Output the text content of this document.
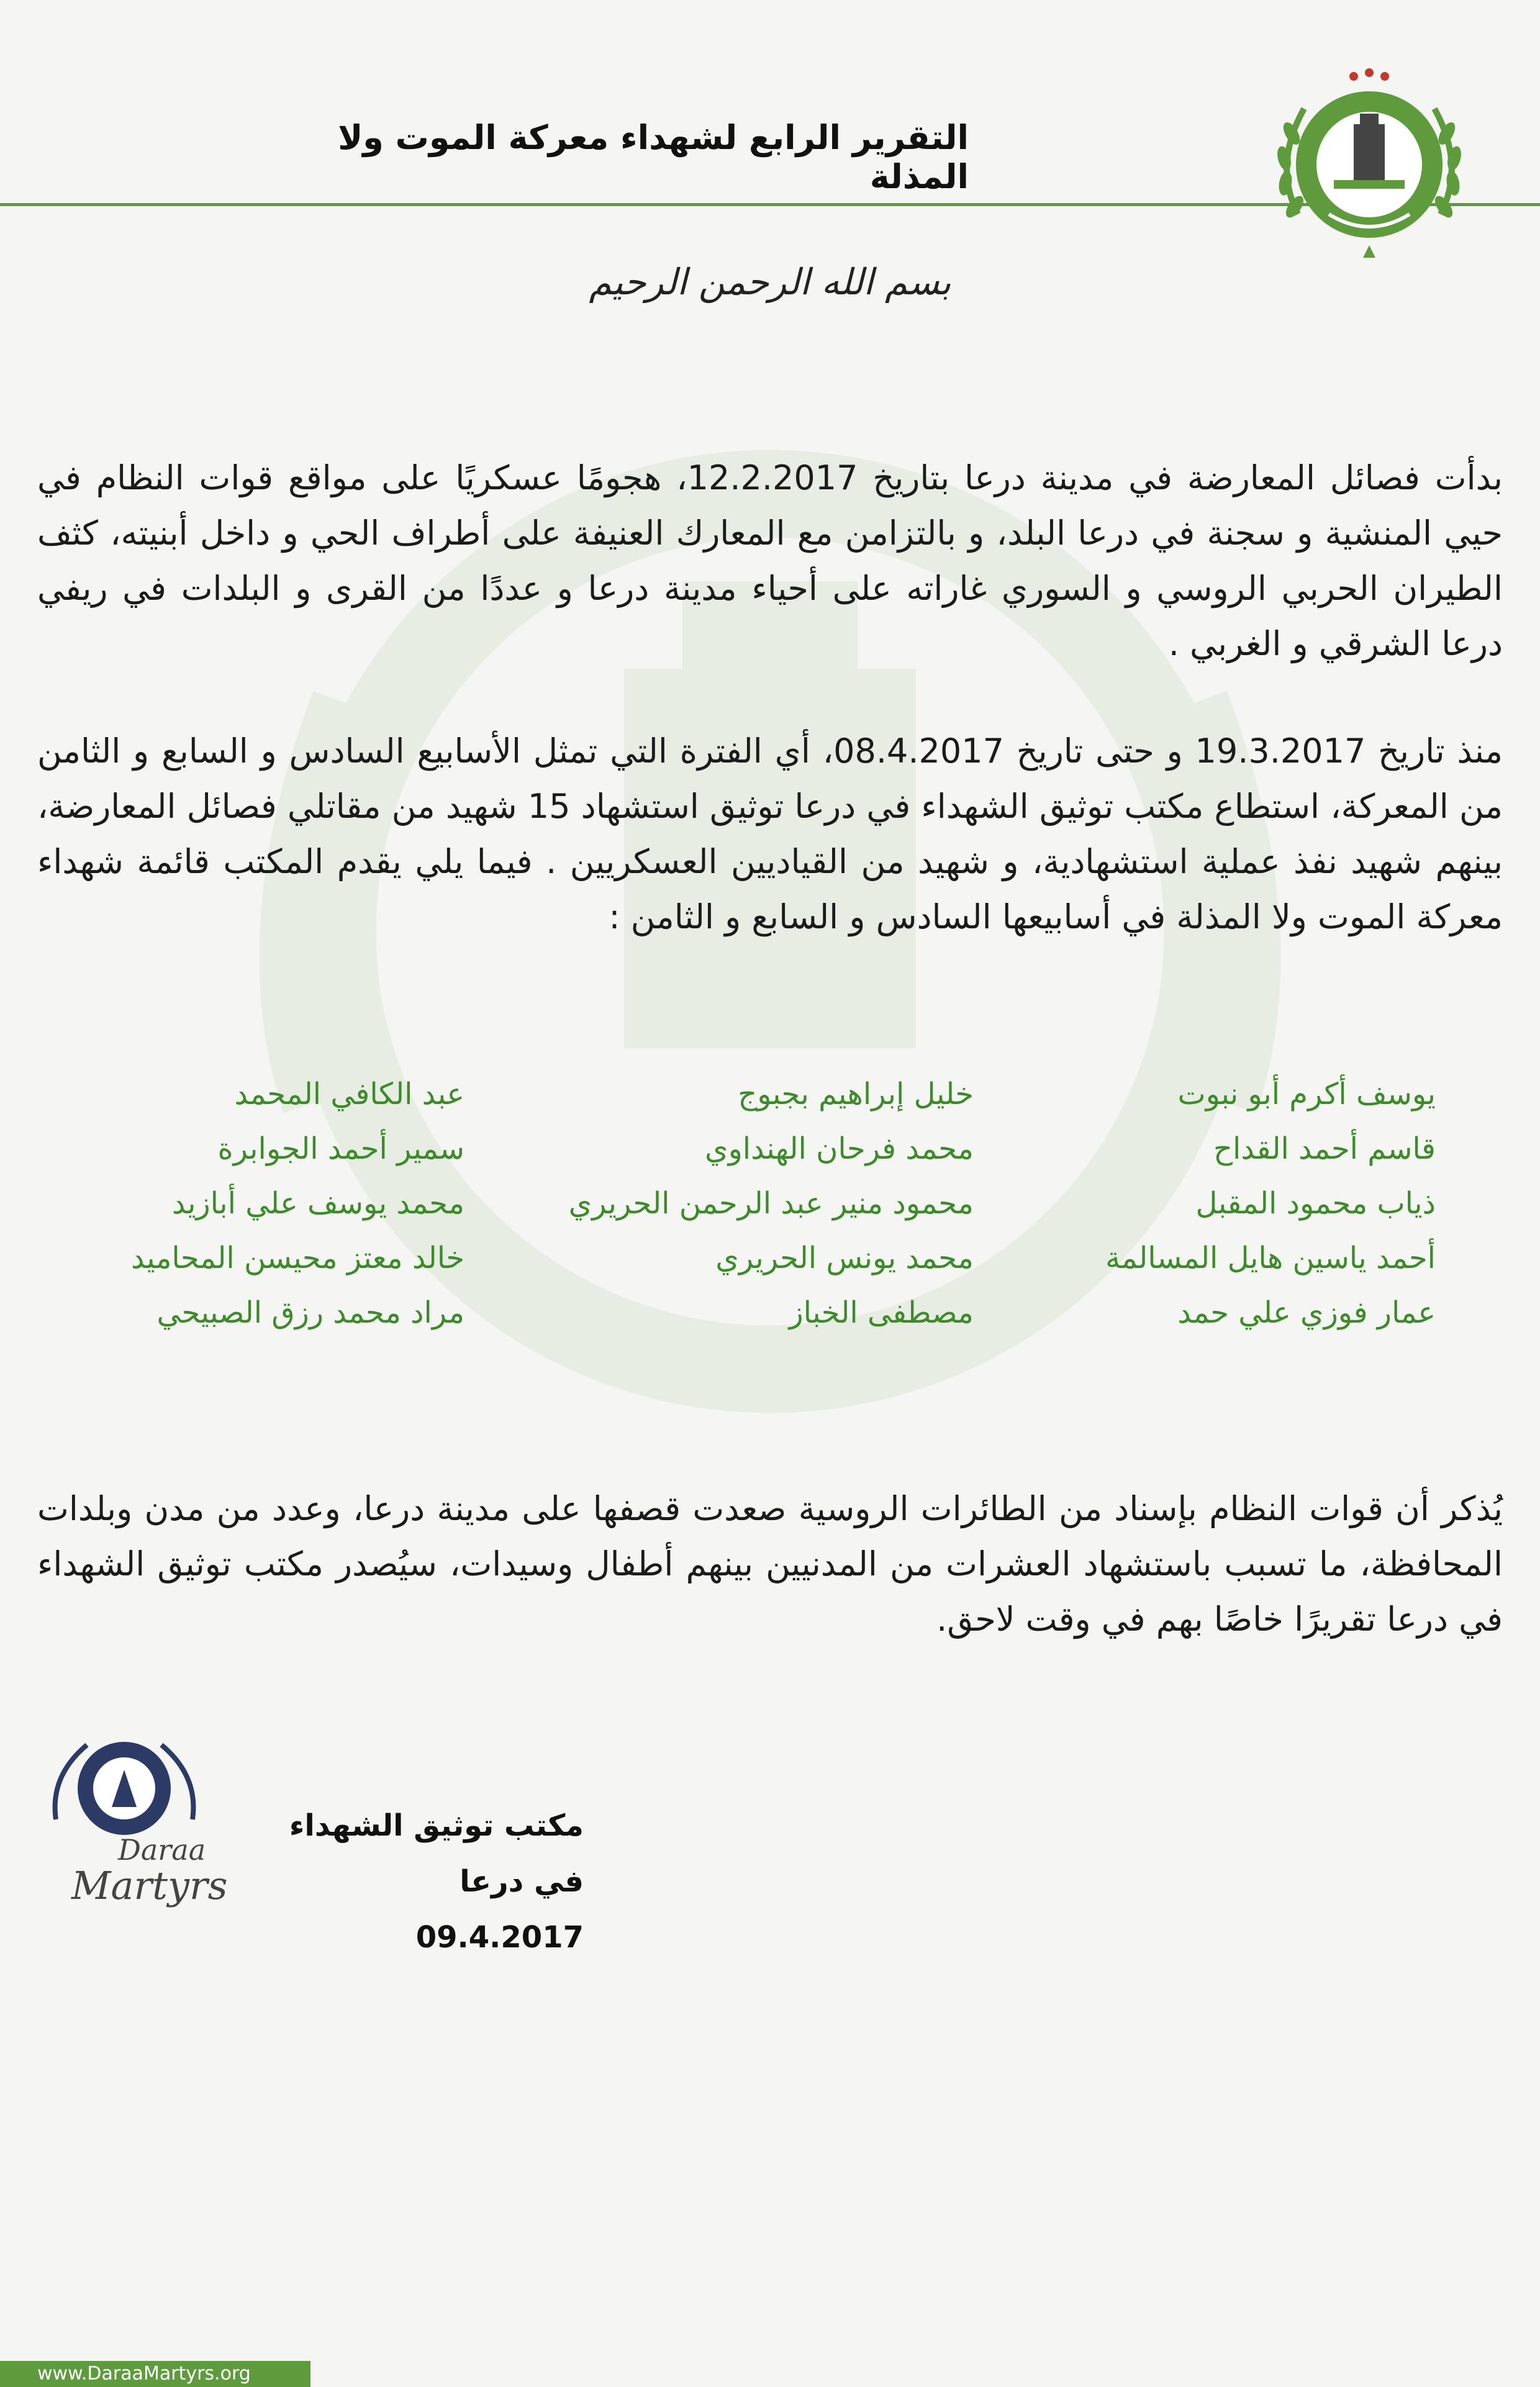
التقرير الرابع لشهداء معركة الموت ولا المذلة
بسم الله الرحمن الرحيم
بدأت فصائل المعارضة في مدينة درعا بتاريخ 12.2.2017، هجومًا عسكريًا على مواقع قوات النظام في حيي المنشية و سجنة في درعا البلد، و بالتزامن مع المعارك العنيفة على أطراف الحي و داخل أبنيته، كثف الطيران الحربي الروسي و السوري غاراته على أحياء مدينة درعا و عددًا من القرى و البلدات في ريفي درعا الشرقي و الغربي .
منذ تاريخ 19.3.2017 و حتى تاريخ 08.4.2017، أي الفترة التي تمثل الأسابيع السادس و السابع و الثامن من المعركة، استطاع مكتب توثيق الشهداء في درعا توثيق استشهاد 15 شهيد من مقاتلي فصائل المعارضة، بينهم شهيد نفذ عملية استشهادية، و شهيد من القياديين العسكريين . فيما يلي يقدم المكتب قائمة شهداء معركة الموت ولا المذلة في أسابيعها السادس و السابع و الثامن :
يوسف أكرم أبو نبوت
قاسم أحمد القداح
ذياب محمود المقبل
أحمد ياسين هايل المسالمة
عمار فوزي علي حمد
خليل إبراهيم بجبوج
محمد فرحان الهنداوي
محمود منير عبد الرحمن الحريري
محمد يونس الحريري
مصطفى الخباز
عبد الكافي المحمد
سمير أحمد الجوابرة
محمد يوسف علي أبازيد
خالد معتز محيسن المحاميد
مراد محمد رزق الصبيحي
يُذكر أن قوات النظام بإسناد من الطائرات الروسية صعدت قصفها على مدينة درعا، وعدد من مدن وبلدات المحافظة، ما تسبب باستشهاد العشرات من المدنيين بينهم أطفال وسيدات، سيُصدر مكتب توثيق الشهداء في درعا تقريرًا خاصًا بهم في وقت لاحق.
Daraa
Martyrs
مكتب توثيق الشهداء في درعا
09.4.2017
www.DaraaMartyrs.org
